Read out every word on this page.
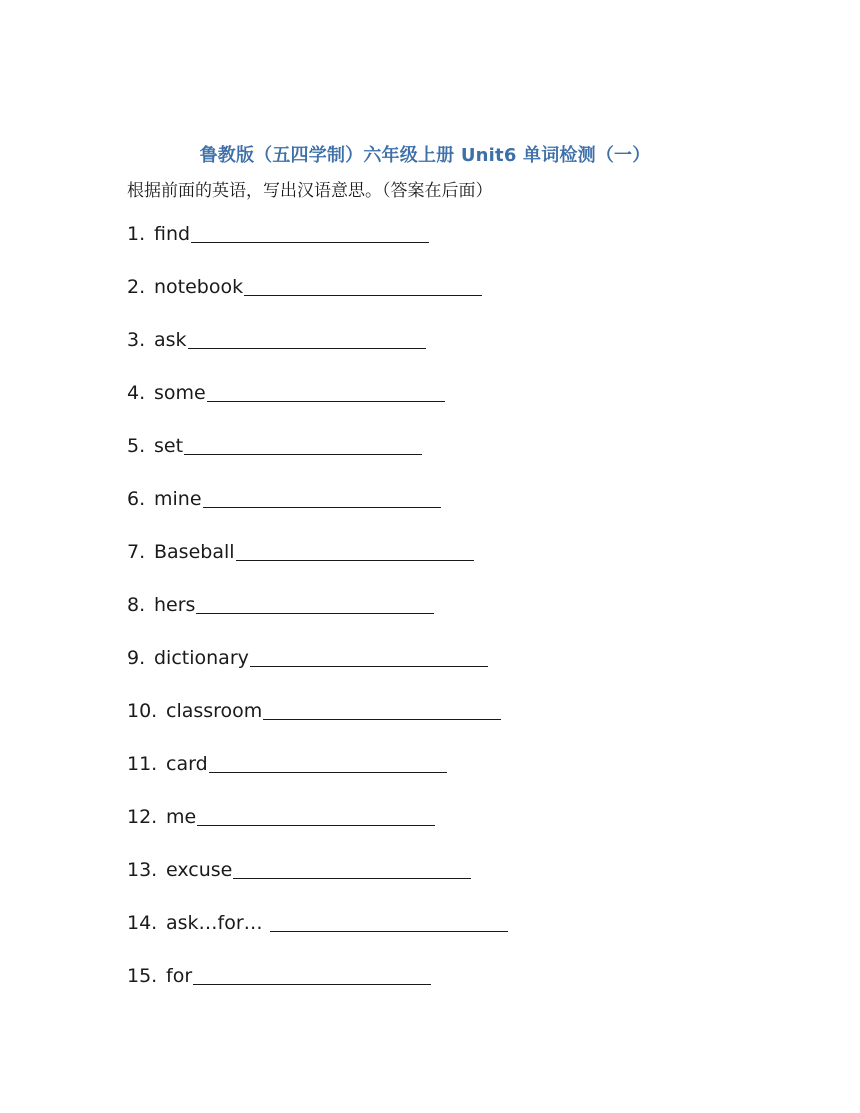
鲁教版（五四学制）六年级上册 Unit6 单词检测（一）
根据前面的英语，写出汉语意思。（答案在后面）
1. find
2. notebook
3. ask
4. some
5. set
6. mine
7. Baseball
8. hers
9. dictionary
10. classroom
11. card
12. me
13. excuse
14. ask…for…
15. for
